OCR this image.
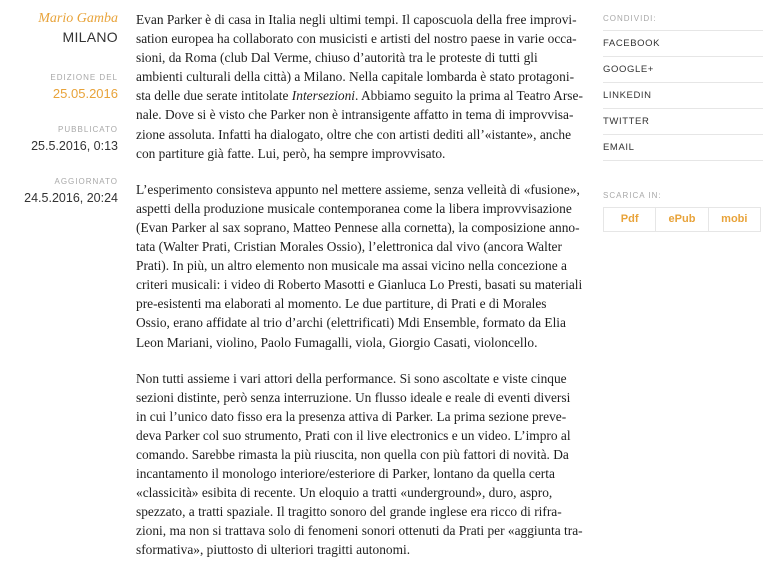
Mario Gamba
MILANO
EDIZIONE DEL
25.05.2016
PUBBLICATO
25.5.2016, 0:13
AGGIORNATO
24.5.2016, 20:24

Evan Parker è di casa in Italia negli ultimi tempi. Il caposcuola della free improvisation europea ha collaborato con musicisti e artisti del nostro paese in varie occasioni, da Roma (club Dal Verme, chiuso d’autorità tra le proteste di tutti gli ambienti culturali della città) a Milano. Nella capitale lombarda è stato protagonista delle due serate intitolate Intersezioni. Abbiamo seguito la prima al Teatro Arsenale. Dove si è visto che Parker non è intransigente affatto in tema di improvvisazione assoluta. Infatti ha dialogato, oltre che con artisti dediti all’«istante», anche con partiture già fatte. Lui, però, ha sempre improvvisato.

L’esperimento consisteva appunto nel mettere assieme, senza velleità di «fusione», aspetti della produzione musicale contemporanea come la libera improvvisazione (Evan Parker al sax soprano, Matteo Pennese alla cornetta), la composizione annotata (Walter Prati, Cristian Morales Ossio), l’elettronica dal vivo (ancora Walter Prati). In più, un altro elemento non musicale ma assai vicino nella concezione a criteri musicali: i video di Roberto Masotti e Gianluca Lo Presti, basati su materiali pre-esistenti ma elaborati al momento. Le due partiture, di Prati e di Morales Ossio, erano affidate al trio d’archi (elettrificati) Mdi Ensemble, formato da Elia Leon Mariani, violino, Paolo Fumagalli, viola, Giorgio Casati, violoncello.

Non tutti assieme i vari attori della performance. Si sono ascoltate e viste cinque sezioni distinte, però senza interruzione. Un flusso ideale e reale di eventi diversi in cui l’unico dato fisso era la presenza attiva di Parker. La prima sezione prevedeva Parker col suo strumento, Prati con il live electronics e un video. L’impro al comando. Sarebbe rimasta la più riuscita, non quella con più fattori di novità. Da incantamento il monologo interiore/esteriore di Parker, lontano da quella certa «classicità» esibita di recente. Un eloquio a tratti «underground», duro, aspro, spezzato, a tratti spaziale. Il tragitto sonoro del grande inglese era ricco di rifrazioni, ma non si trattava solo di fenomeni sonori ottenuti da Prati per «aggiunta trasformativa», piuttosto di ulteriori tragitti autonomi.

CONDIVIDI:
FACEBOOK
GOOGLE+
LINKEDIN
TWITTER
EMAIL
SCARICA IN:
Pdf	ePub	mobi
